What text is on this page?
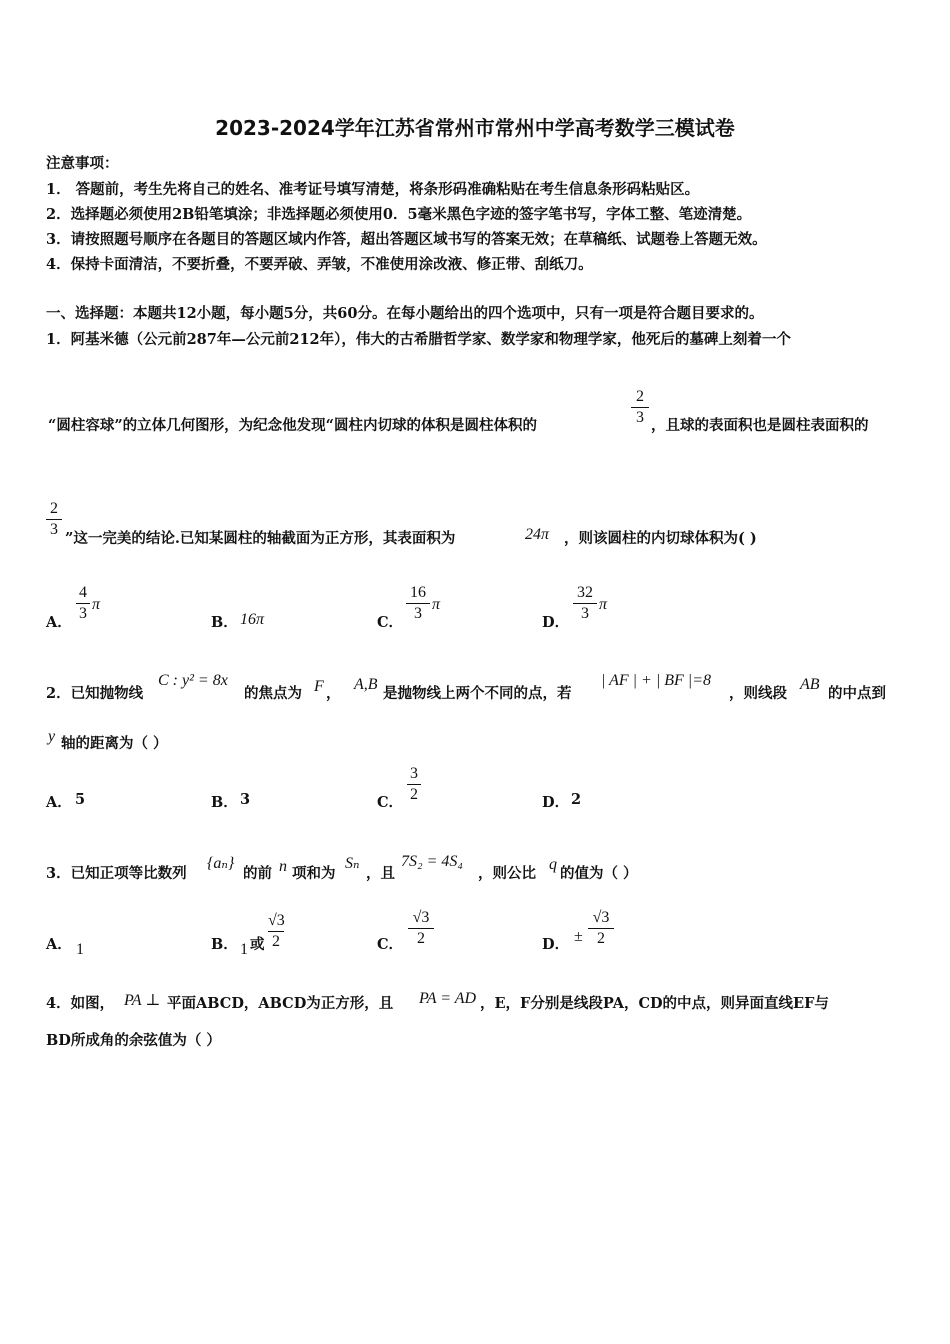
2023-2024学年江苏省常州市常州中学高考数学三模试卷
注意事项：
1． 答题前，考生先将自己的姓名、准考证号填写清楚，将条形码准确粘贴在考生信息条形码粘贴区。
2．选择题必须使用2B铅笔填涂；非选择题必须使用0．5毫米黑色字迹的签字笔书写，字体工整、笔迹清楚。
3．请按照题号顺序在各题目的答题区域内作答，超出答题区域书写的答案无效；在草稿纸、试题卷上答题无效。
4．保持卡面清洁，不要折叠，不要弄破、弄皱，不准使用涂改液、修正带、刮纸刀。
一、选择题：本题共12小题，每小题5分，共60分。在每小题给出的四个选项中，只有一项是符合题目要求的。
1．阿基米德（公元前287年—公元前212年），伟大的古希腊哲学家、数学家和物理学家，他死后的墓碑上刻着一个
“圆柱容球”的立体几何图形，为纪念他发现“圆柱内切球的体积是圆柱体积的
2
3 ，且球的表面积也是圆柱表面积的
2
3
”这一完美的结论.已知某圆柱的轴截面为正方形，其表面积为	24π ，则该圆柱的内切球体积为( )
A．
4
3
π
B． 16π	C．
16
3
π
D．
32
3
π
2．已知抛物线
C : y² = 8x
的焦点为 F ，
A,B
是抛物线上两个不同的点，若
| AF | + | BF |=8
，则线段
AB
的中点到
y 轴的距离为（ ）
A． 5	B． 3	C．
3
2	D． 2
3．已知正项等比数列
{aₙ}
的前 n 项和为
Sₙ
，且
7S₂ = 4S₄
，则公比
q
的值为（ ）
A． 1	B． 1 或
√3
2	C．
√3
2	D． ±
√3
2
4．如图， PA ⊥ 平面ABCD，ABCD为正方形，且 PA = AD ，E，F分别是线段PA，CD的中点，则异面直线EF与
BD所成角的余弦值为（ ）
